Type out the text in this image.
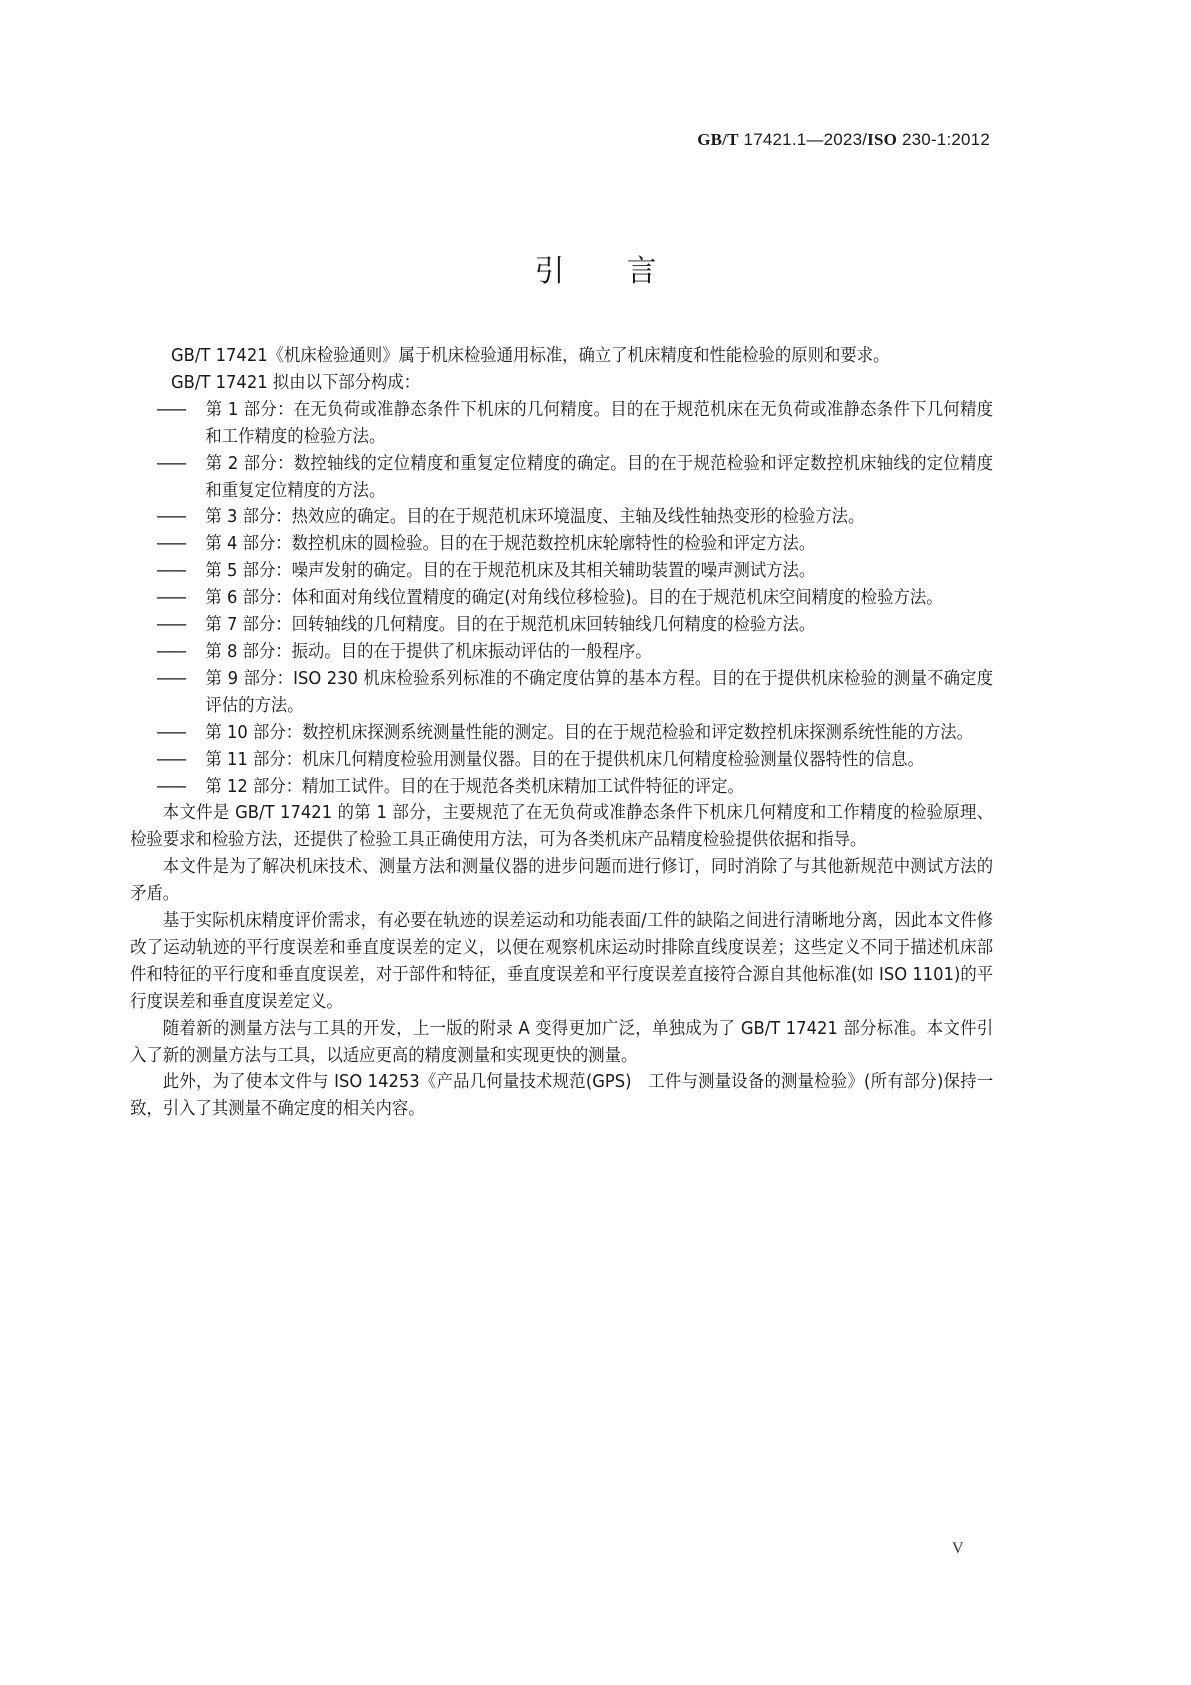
GB/T 17421.1—2023/ISO 230-1:2012
引言

GB/T 17421《机床检验通则》属于机床检验通用标准，确立了机床精度和性能检验的原则和要求。

GB/T 17421 拟由以下部分构成：

—— 第 1 部分：在无负荷或准静态条件下机床的几何精度。目的在于规范机床在无负荷或准静态条件下几何精度和工作精度的检验方法。

—— 第 2 部分：数控轴线的定位精度和重复定位精度的确定。目的在于规范检验和评定数控机床轴线的定位精度和重复定位精度的方法。

—— 第 3 部分：热效应的确定。目的在于规范机床环境温度、主轴及线性轴热变形的检验方法。

—— 第 4 部分：数控机床的圆检验。目的在于规范数控机床轮廓特性的检验和评定方法。

—— 第 5 部分：噪声发射的确定。目的在于规范机床及其相关辅助装置的噪声测试方法。

—— 第 6 部分：体和面对角线位置精度的确定(对角线位移检验)。目的在于规范机床空间精度的检验方法。

—— 第 7 部分：回转轴线的几何精度。目的在于规范机床回转轴线几何精度的检验方法。

—— 第 8 部分：振动。目的在于提供了机床振动评估的一般程序。

—— 第 9 部分：ISO 230 机床检验系列标准的不确定度估算的基本方程。目的在于提供机床检验的测量不确定度评估的方法。

—— 第 10 部分：数控机床探测系统测量性能的测定。目的在于规范检验和评定数控机床探测系统性能的方法。

—— 第 11 部分：机床几何精度检验用测量仪器。目的在于提供机床几何精度检验测量仪器特性的信息。

—— 第 12 部分：精加工试件。目的在于规范各类机床精加工试件特征的评定。

本文件是 GB/T 17421 的第 1 部分，主要规范了在无负荷或准静态条件下机床几何精度和工作精度的检验原理、检验要求和检验方法，还提供了检验工具正确使用方法，可为各类机床产品精度检验提供依据和指导。

本文件是为了解决机床技术、测量方法和测量仪器的进步问题而进行修订，同时消除了与其他新规范中测试方法的矛盾。

基于实际机床精度评价需求，有必要在轨迹的误差运动和功能表面/工件的缺陷之间进行清晰地分离，因此本文件修改了运动轨迹的平行度误差和垂直度误差的定义，以便在观察机床运动时排除直线度误差；这些定义不同于描述机床部件和特征的平行度和垂直度误差，对于部件和特征，垂直度误差和平行度误差直接符合源自其他标准(如 ISO 1101)的平行度误差和垂直度误差定义。

随着新的测量方法与工具的开发，上一版的附录 A 变得更加广泛，单独成为了 GB/T 17421 部分标准。本文件引入了新的测量方法与工具，以适应更高的精度测量和实现更快的测量。

此外，为了使本文件与 ISO 14253《产品几何量技术规范(GPS)　工件与测量设备的测量检验》(所有部分)保持一致，引入了其测量不确定度的相关内容。

V
